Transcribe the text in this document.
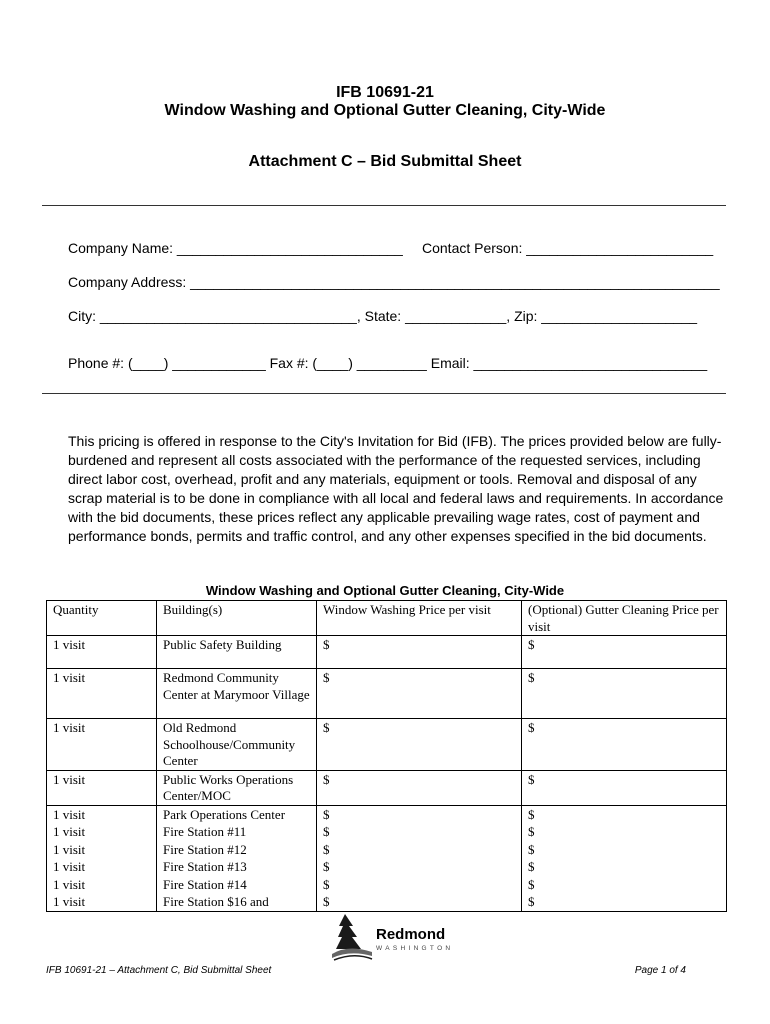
IFB 10691-21
Window Washing and Optional Gutter Cleaning, City-Wide
Attachment C – Bid Submittal Sheet
Company Name: _____________________________ Contact Person: ________________________
Company Address: ____________________________________________________________________
City: _________________________________, State: _____________, Zip: ____________________
Phone #: (____) ____________ Fax #: (____) _________ Email: ______________________________
This pricing is offered in response to the City's Invitation for Bid (IFB). The prices provided below are fully-
burdened and represent all costs associated with the performance of the requested services, including
direct labor cost, overhead, profit and any materials, equipment or tools. Removal and disposal of any
scrap material is to be done in compliance with all local and federal laws and requirements. In accordance
with the bid documents, these prices reflect any applicable prevailing wage rates, cost of payment and
performance bonds, permits and traffic control, and any other expenses specified in the bid documents.
Window Washing and Optional Gutter Cleaning, City-Wide
Quantity	Building(s)	Window Washing Price per visit	(Optional) Gutter Cleaning Price per visit
1 visit	Public Safety Building	$	$
1 visit	Redmond Community Center at Marymoor Village	$	$
1 visit	Old Redmond Schoolhouse/Community Center	$	$
1 visit	Public Works Operations Center/MOC	$	$
1 visit	Park Operations Center	$	$
1 visit	Fire Station #11	$	$
1 visit	Fire Station #12	$	$
1 visit	Fire Station #13	$	$
1 visit	Fire Station #14	$	$
1 visit	Fire Station $16 and	$	$
Redmond
WASHINGTON
IFB 10691-21 – Attachment C, Bid Submittal Sheet	Page 1 of 4
